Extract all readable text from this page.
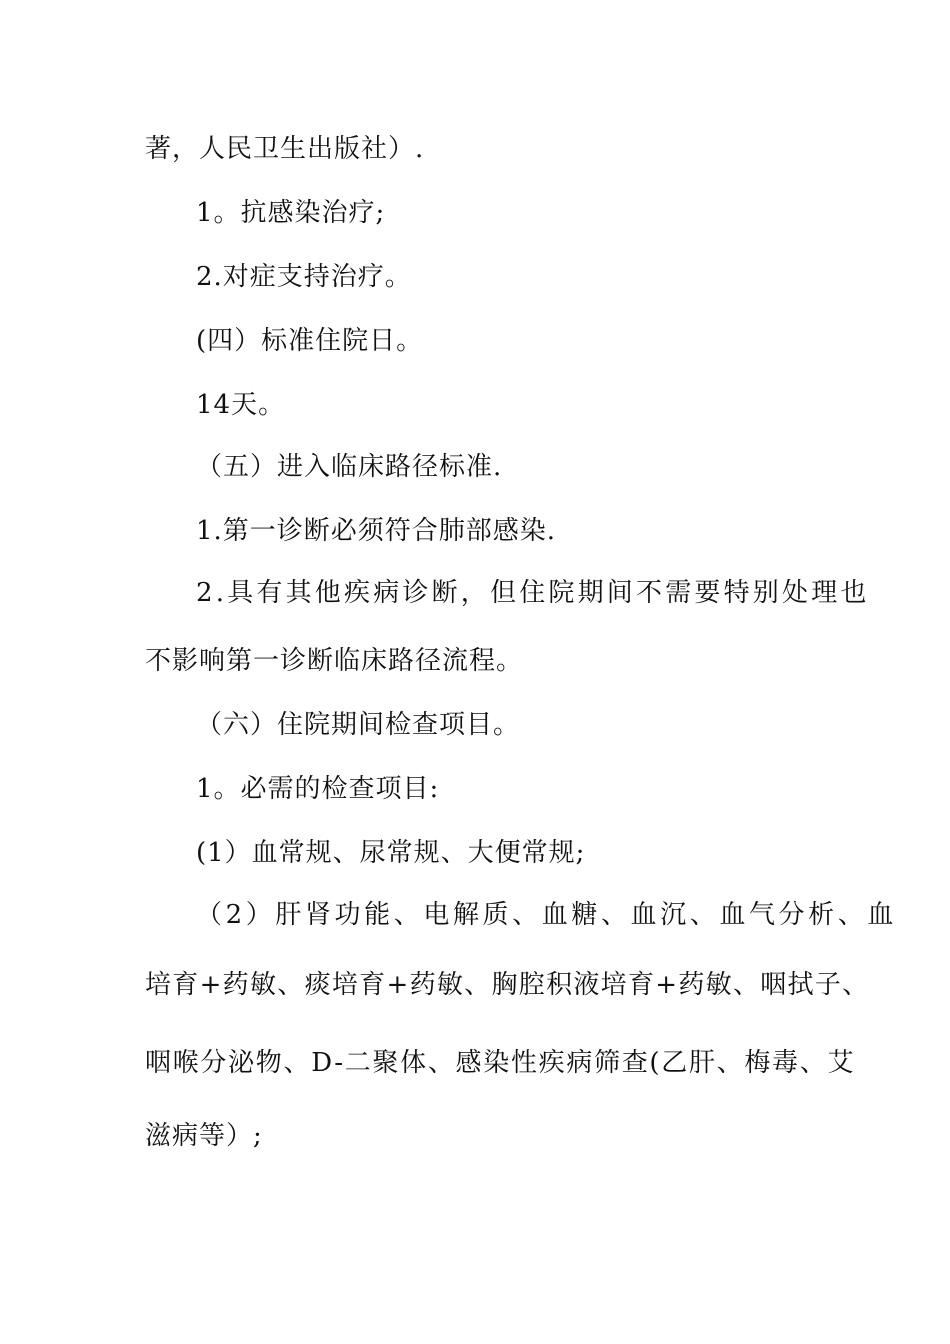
著，人民卫生出版社）.
1。抗感染治疗;
2.对症支持治疗。
(四）标准住院日。
14天。
（五）进入临床路径标准.
1.第一诊断必须符合肺部感染.
2.具有其他疾病诊断，但住院期间不需要特别处理也
不影响第一诊断临床路径流程。
（六）住院期间检查项目。
1。必需的检查项目:
(1）血常规、尿常规、大便常规;
（2）肝肾功能、电解质、血糖、血沉、血气分析、血
培育+药敏、痰培育+药敏、胸腔积液培育+药敏、咽拭子、
咽喉分泌物、D-二聚体、感染性疾病筛查(乙肝、梅毒、艾
滋病等）;
